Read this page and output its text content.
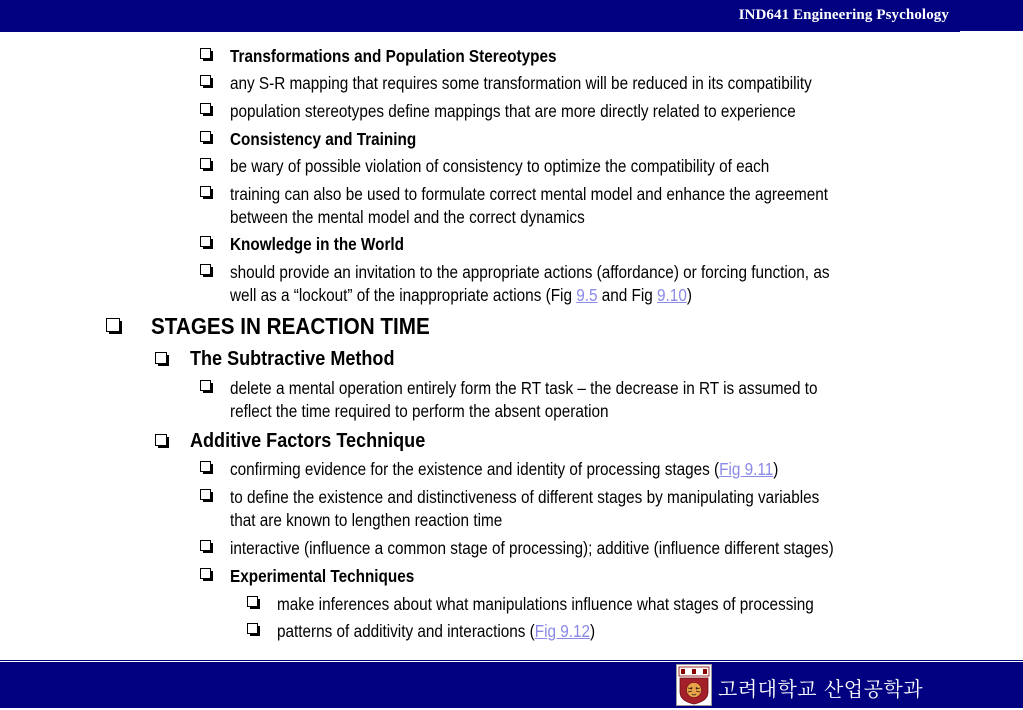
IND641 Engineering Psychology
Transformations and Population Stereotypes
any S-R mapping that requires some transformation will be reduced in its compatibility
population stereotypes define mappings that are more directly related to experience
Consistency and Training
be wary of possible violation of consistency to optimize the compatibility of each
training can also be used to formulate correct mental model and enhance the agreement
between the mental model and the correct dynamics
Knowledge in the World
should provide an invitation to the appropriate actions (affordance) or forcing function, as
well as a “lockout” of the inappropriate actions (Fig 9.5 and Fig 9.10)
STAGES IN REACTION TIME
The Subtractive Method
delete a mental operation entirely form the RT task – the decrease in RT is assumed to
reflect the time required to perform the absent operation
Additive Factors Technique
confirming evidence for the existence and identity of processing stages (Fig 9.11)
to define the existence and distinctiveness of different stages by manipulating variables
that are known to lengthen reaction time
interactive (influence a common stage of processing); additive (influence different stages)
Experimental Techniques
make inferences about what manipulations influence what stages of processing
patterns of additivity and interactions (Fig 9.12)
고려대학교 산업공학과
